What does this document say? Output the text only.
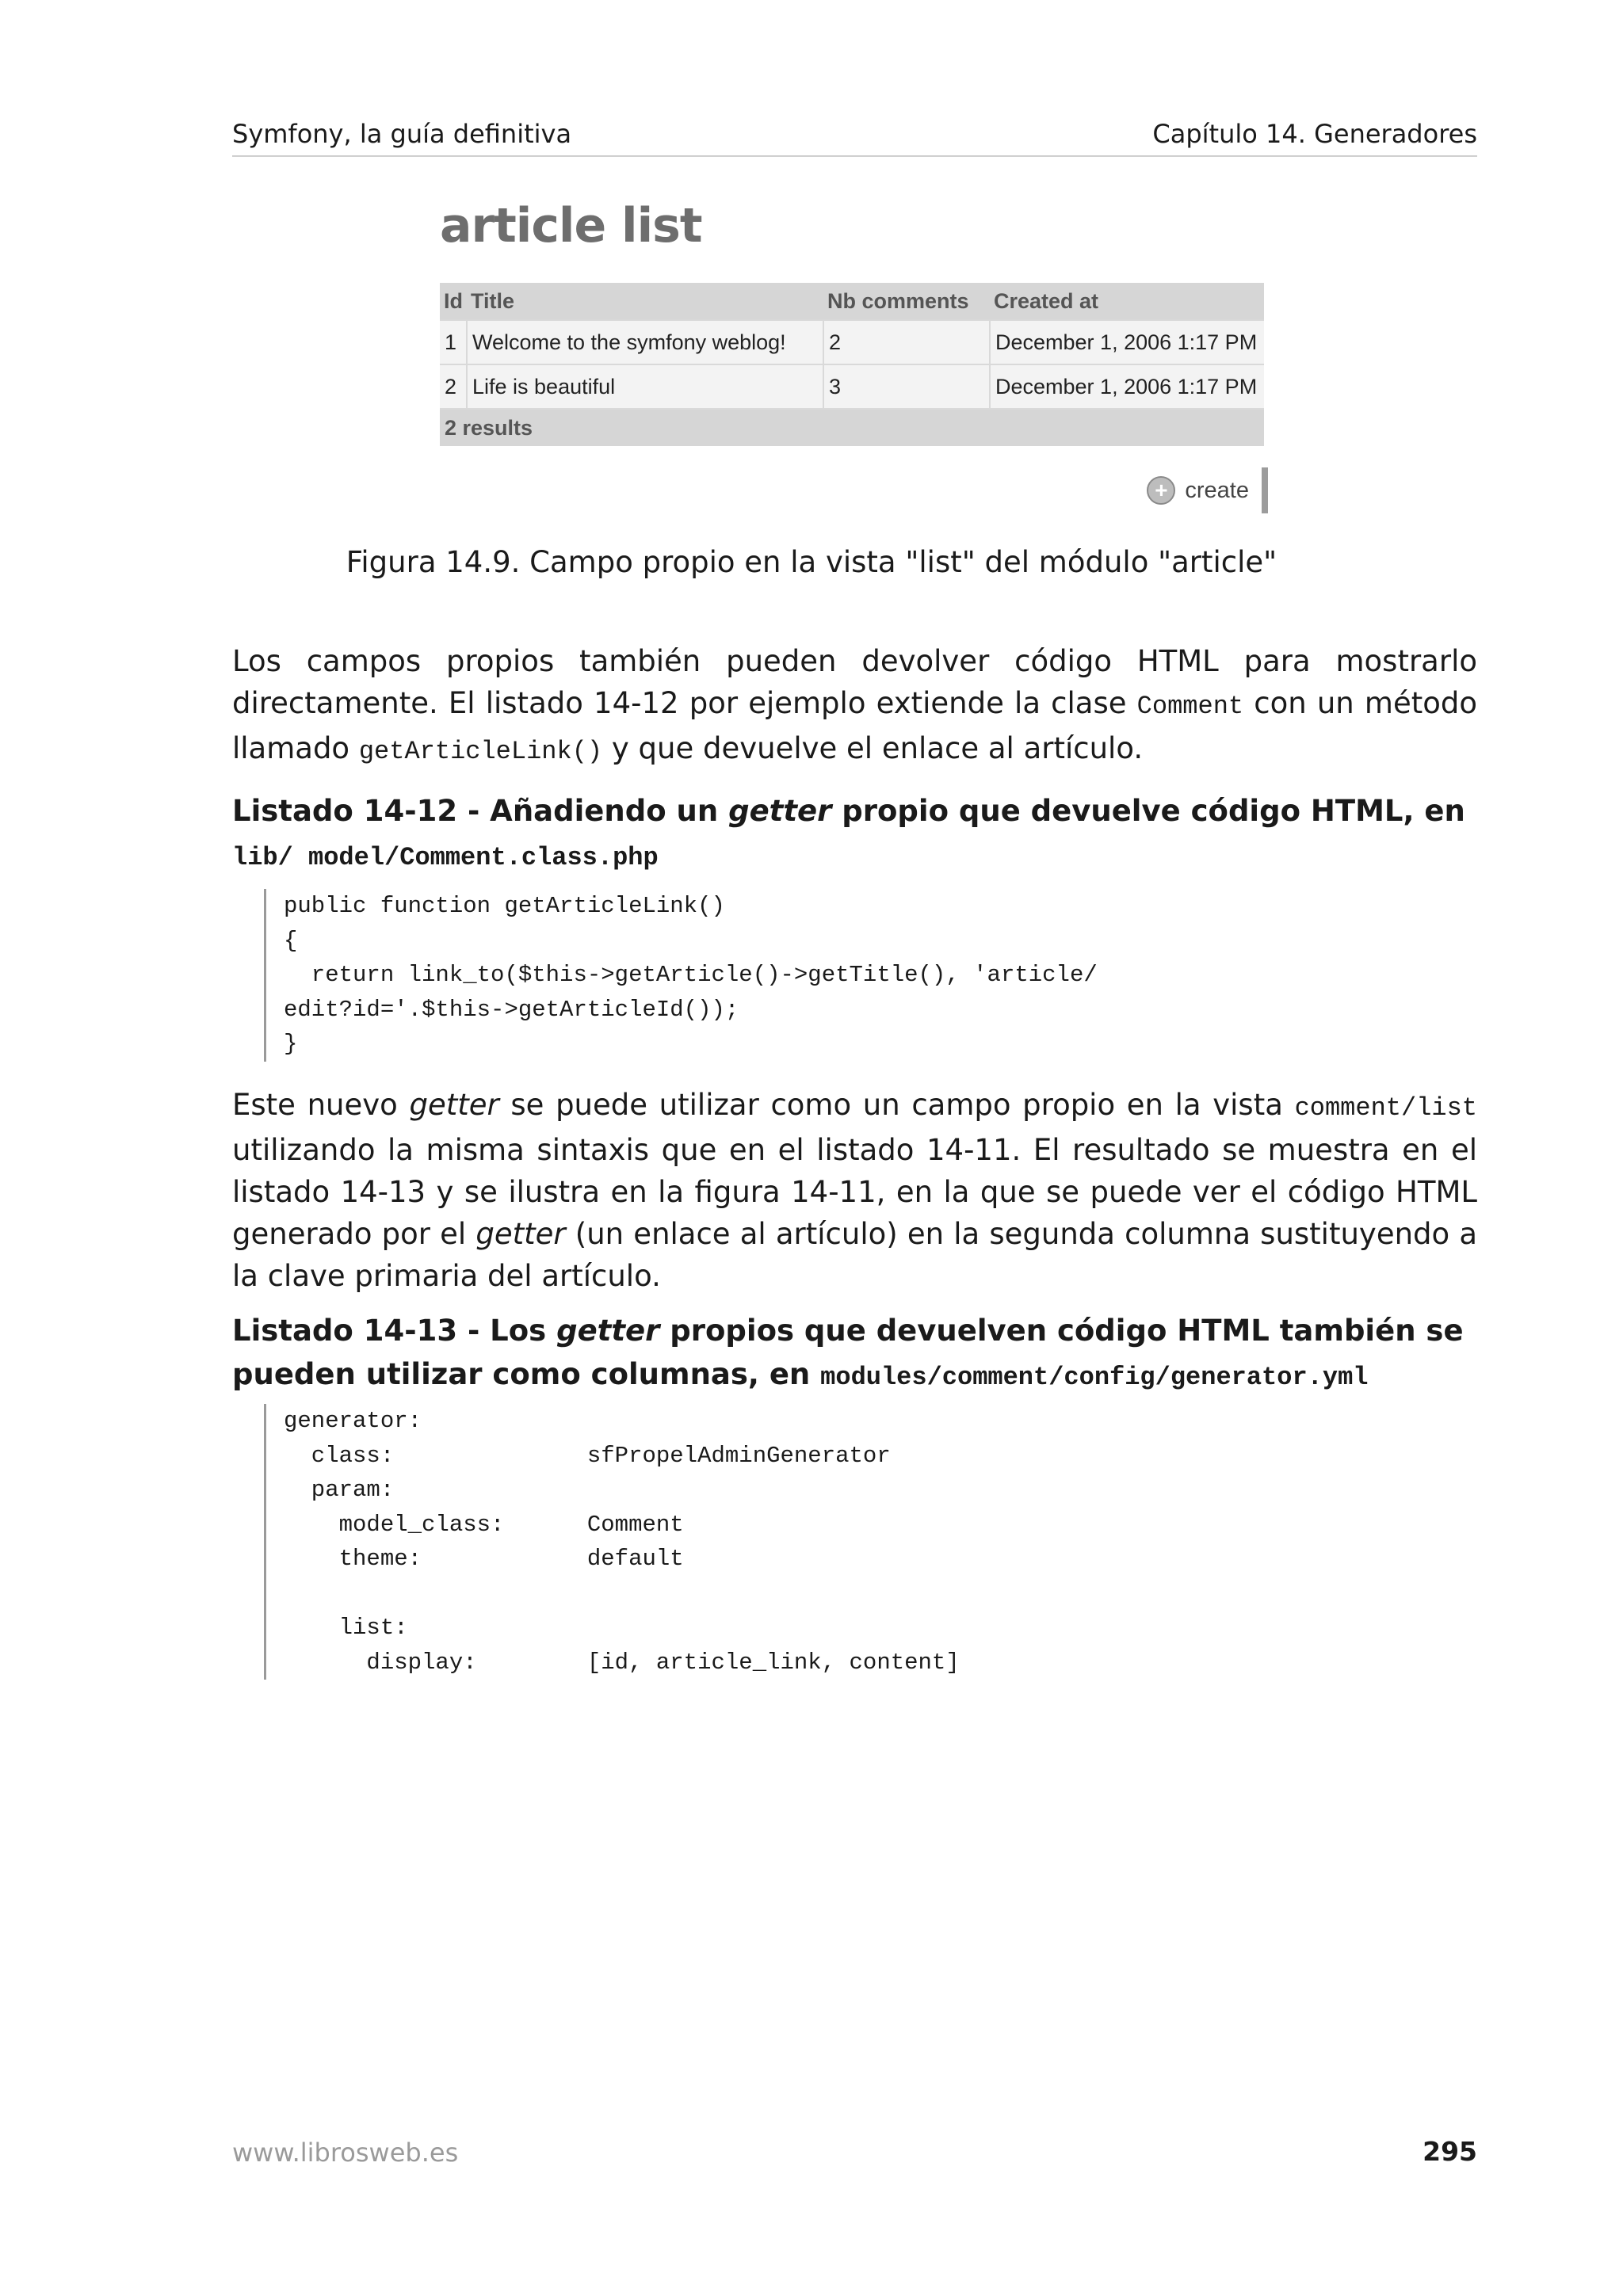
Symfony, la guía definitiva	Capítulo 14. Generadores
article list
Id	Title	Nb comments	Created at
1	Welcome to the symfony weblog!	2	December 1, 2006 1:17 PM
2	Life is beautiful	3	December 1, 2006 1:17 PM
2 results			
+ create
Figura 14.9. Campo propio en la vista "list" del módulo "article"

Los campos propios también pueden devolver código HTML para mostrarlo directamente. El listado 14-12 por ejemplo extiende la clase Comment con un método llamado getArticleLink() y que devuelve el enlace al artículo.

Listado 14-12 - Añadiendo un getter propio que devuelve código HTML, en lib/ model/Comment.class.php

public function getArticleLink()
{
return link_to($this->getArticle()->getTitle(), 'article/
edit?id='.$this->getArticleId());
}

Este nuevo getter se puede utilizar como un campo propio en la vista comment/list utilizando la misma sintaxis que en el listado 14-11. El resultado se muestra en el listado 14-13 y se ilustra en la figura 14-11, en la que se puede ver el código HTML generado por el getter (un enlace al artículo) en la segunda columna sustituyendo a la clave primaria del artículo.

Listado 14-13 - Los getter propios que devuelven código HTML también se pueden utilizar como columnas, en modules/comment/config/generator.yml

generator:
class:              sfPropelAdminGenerator
param:
model_class:      Comment
theme:            default

list:
display:        [id, article_link, content]
www.librosweb.es	295
